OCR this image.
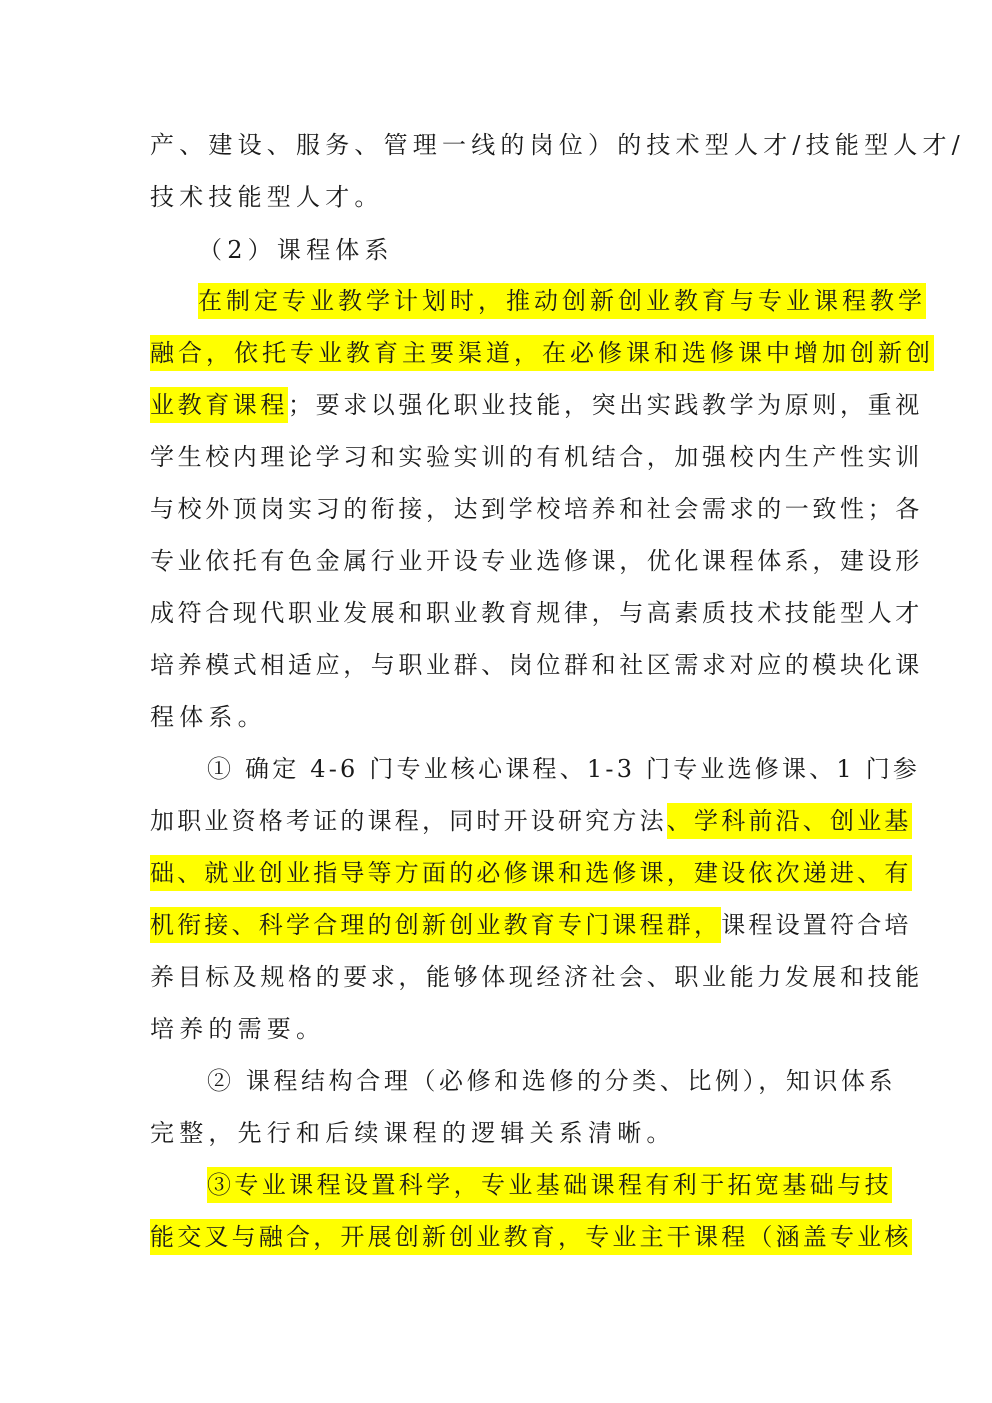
产、建设、服务、管理一线的岗位）的技术型人才/技能型人才/
技术技能型人才。
（2）课程体系
在制定专业教学计划时，推动创新创业教育与专业课程教学
融合，依托专业教育主要渠道，在必修课和选修课中增加创新创
业教育课程；要求以强化职业技能，突出实践教学为原则，重视
学生校内理论学习和实验实训的有机结合，加强校内生产性实训
与校外顶岗实习的衔接，达到学校培养和社会需求的一致性；各
专业依托有色金属行业开设专业选修课，优化课程体系，建设形
成符合现代职业发展和职业教育规律，与高素质技术技能型人才
培养模式相适应，与职业群、岗位群和社区需求对应的模块化课
程体系。
① 确定 4-6 门专业核心课程、1-3 门专业选修课、1 门参
加职业资格考证的课程，同时开设研究方法、学科前沿、创业基
础、就业创业指导等方面的必修课和选修课，建设依次递进、有
机衔接、科学合理的创新创业教育专门课程群，课程设置符合培
养目标及规格的要求，能够体现经济社会、职业能力发展和技能
培养的需要。
② 课程结构合理（必修和选修的分类、比例），知识体系
完整，先行和后续课程的逻辑关系清晰。
③专业课程设置科学，专业基础课程有利于拓宽基础与技
能交叉与融合，开展创新创业教育，专业主干课程（涵盖专业核
